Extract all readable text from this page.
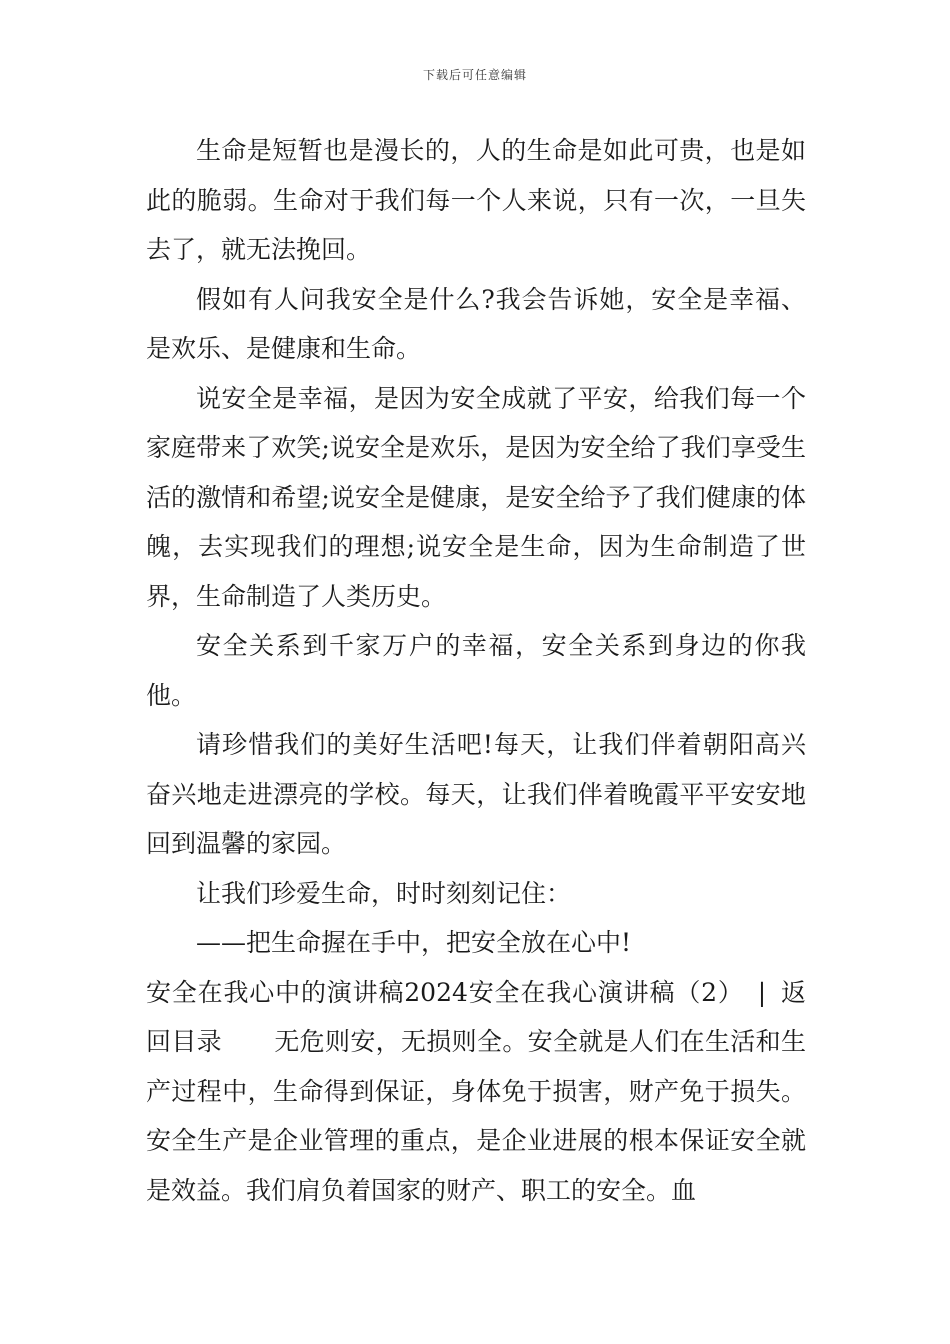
下载后可任意编辑

生命是短暂也是漫长的，人的生命是如此可贵，也是如此的脆弱。生命对于我们每一个人来说，只有一次，一旦失去了，就无法挽回。

假如有人问我安全是什么?我会告诉她，安全是幸福、是欢乐、是健康和生命。

说安全是幸福，是因为安全成就了平安，给我们每一个家庭带来了欢笑;说安全是欢乐，是因为安全给了我们享受生活的激情和希望;说安全是健康，是安全给予了我们健康的体魄，去实现我们的理想;说安全是生命，因为生命制造了世界，生命制造了人类历史。

安全关系到千家万户的幸福，安全关系到身边的你我他。

请珍惜我们的美好生活吧!每天，让我们伴着朝阳高兴奋兴地走进漂亮的学校。每天，让我们伴着晚霞平平安安地回到温馨的家园。

让我们珍爱生命，时时刻刻记住：

——把生命握在手中，把安全放在心中!

安全在我心中的演讲稿2024安全在我心演讲稿（2） | 返回目录 无危则安，无损则全。安全就是人们在生活和生产过程中，生命得到保证，身体免于损害，财产免于损失。安全生产是企业管理的重点，是企业进展的根本保证安全就是效益。我们肩负着国家的财产、职工的安全。血
